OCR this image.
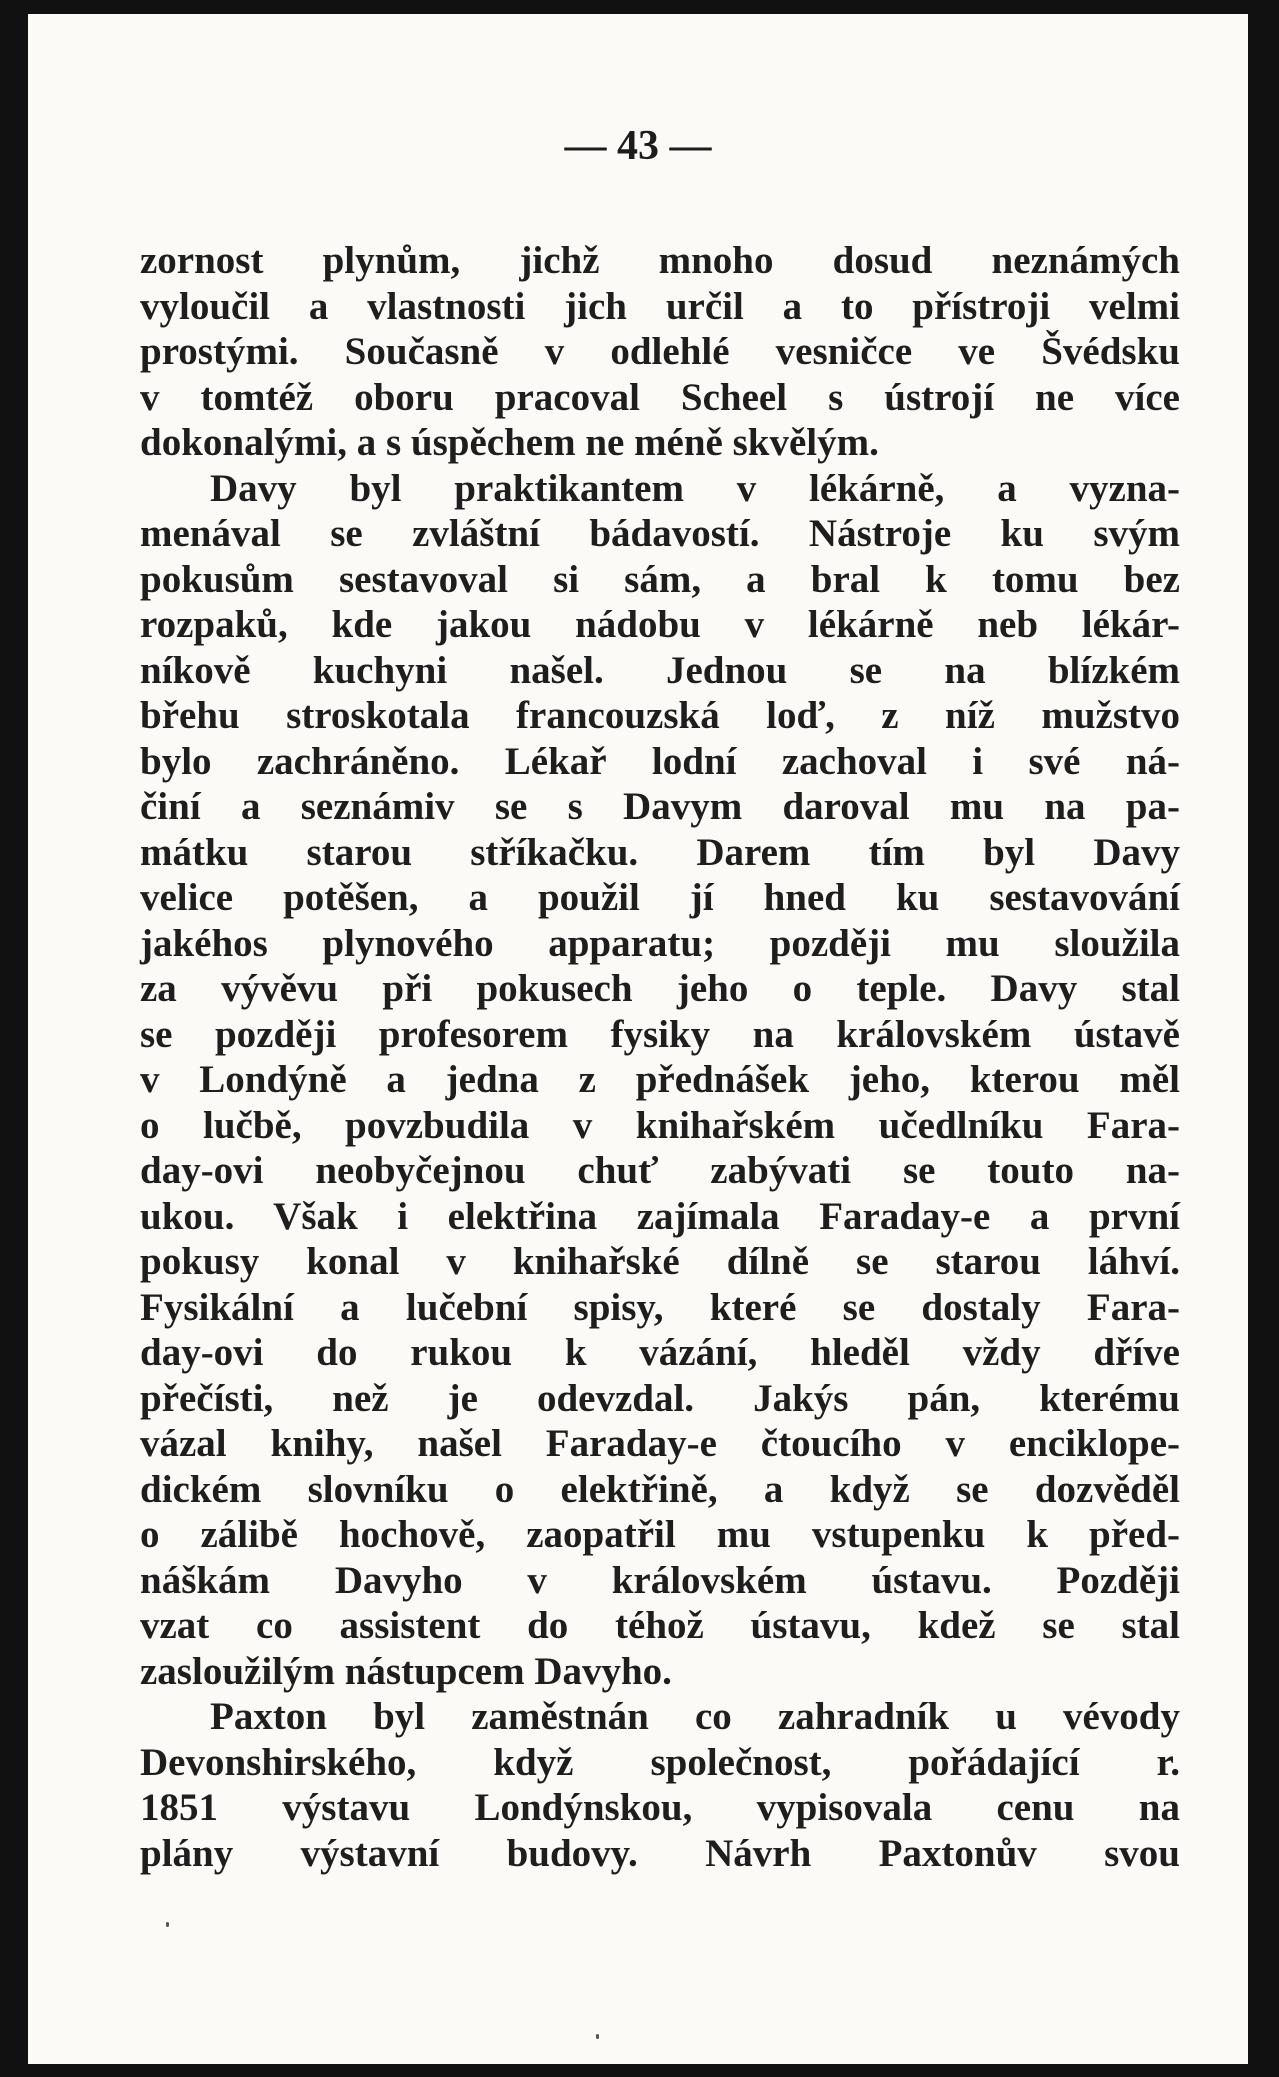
— 43 —
zornost plynům, jichž mnoho dosud neznámých
vyloučil a vlastnosti jich určil a to přístroji velmi
prostými. Současně v odlehlé vesničce ve Švédsku
v tomtéž oboru pracoval Scheel s ústrojí ne více
dokonalými, a s úspěchem ne méně skvělým.
Davy byl praktikantem v lékárně, a vyzna-
menával se zvláštní bádavostí. Nástroje ku svým
pokusům sestavoval si sám, a bral k tomu bez
rozpaků, kde jakou nádobu v lékárně neb lékár-
níkově kuchyni našel. Jednou se na blízkém
břehu stroskotala francouzská loď, z níž mužstvo
bylo zachráněno. Lékař lodní zachoval i své ná-
činí a seznámiv se s Davym daroval mu na pa-
mátku starou stříkačku. Darem tím byl Davy
velice potěšen, a použil jí hned ku sestavování
jakéhos plynového apparatu; později mu sloužila
za vývěvu při pokusech jeho o teple. Davy stal
se později profesorem fysiky na královském ústavě
v Londýně a jedna z přednášek jeho, kterou měl
o lučbě, povzbudila v knihařském učedlníku Fara-
day-ovi neobyčejnou chuť zabývati se touto na-
ukou. Však i elektřina zajímala Faraday-e a první
pokusy konal v knihařské dílně se starou láhví.
Fysikální a lučební spisy, které se dostaly Fara-
day-ovi do rukou k vázání, hleděl vždy dříve
přečísti, než je odevzdal. Jakýs pán, kterému
vázal knihy, našel Faraday-e čtoucího v enciklope-
dickém slovníku o elektřině, a když se dozvěděl
o zálibě hochově, zaopatřil mu vstupenku k před-
náškám Davyho v královském ústavu. Později
vzat co assistent do téhož ústavu, kdež se stal
zasloužilým nástupcem Davyho.
Paxton byl zaměstnán co zahradník u vévody
Devonshirského, když společnost, pořádající r.
1851 výstavu Londýnskou, vypisovala cenu na
plány výstavní budovy. Návrh Paxtonův svou
